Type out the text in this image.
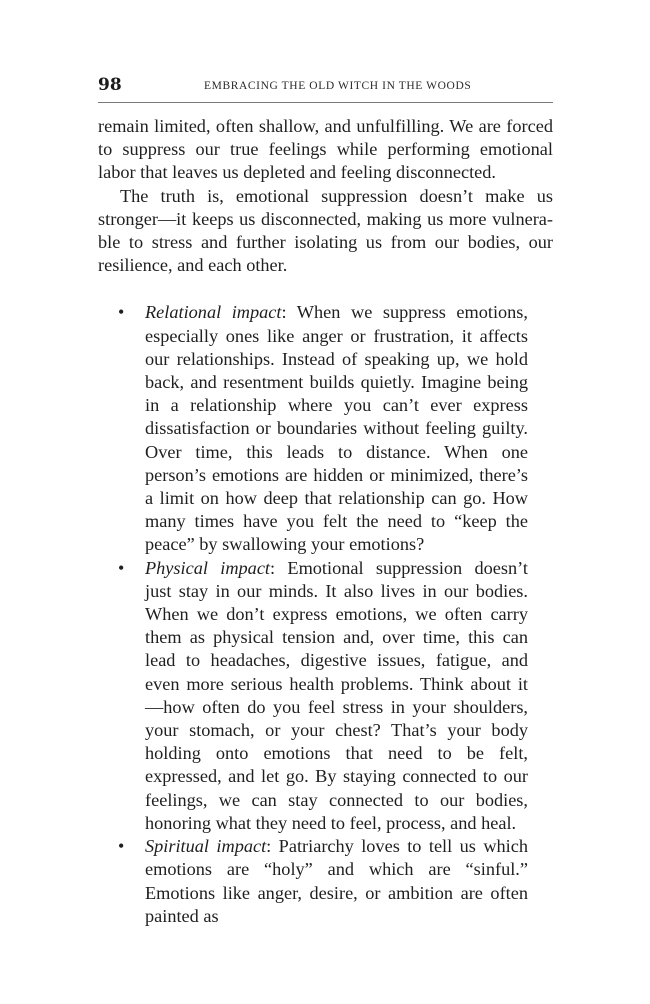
98	EMBRACING THE OLD WITCH IN THE WOODS

remain limited, often shallow, and unfulfilling. We are forced to suppress our true feelings while performing emotional labor that leaves us depleted and feeling disconnected.

The truth is, emotional suppression doesn’t make us stronger—it keeps us disconnected, making us more vulnerable to stress and further isolating us from our bodies, our resilience, and each other.

•	Relational impact: When we suppress emotions, especially ones like anger or frustration, it affects our relationships. Instead of speaking up, we hold back, and resentment builds quietly. Imagine being in a relationship where you can’t ever express dissatisfaction or boundaries without feeling guilty. Over time, this leads to distance. When one person’s emotions are hidden or minimized, there’s a limit on how deep that relationship can go. How many times have you felt the need to “keep the peace” by swallowing your emotions?
•	Physical impact: Emotional suppression doesn’t just stay in our minds. It also lives in our bodies. When we don’t express emotions, we often carry them as physical tension and, over time, this can lead to headaches, digestive issues, fatigue, and even more serious health problems. Think about it—how often do you feel stress in your shoulders, your stomach, or your chest? That’s your body holding onto emotions that need to be felt, expressed, and let go. By staying connected to our feelings, we can stay connected to our bodies, honoring what they need to feel, process, and heal.
•	Spiritual impact: Patriarchy loves to tell us which emotions are “holy” and which are “sinful.” Emotions like anger, desire, or ambition are often painted as
